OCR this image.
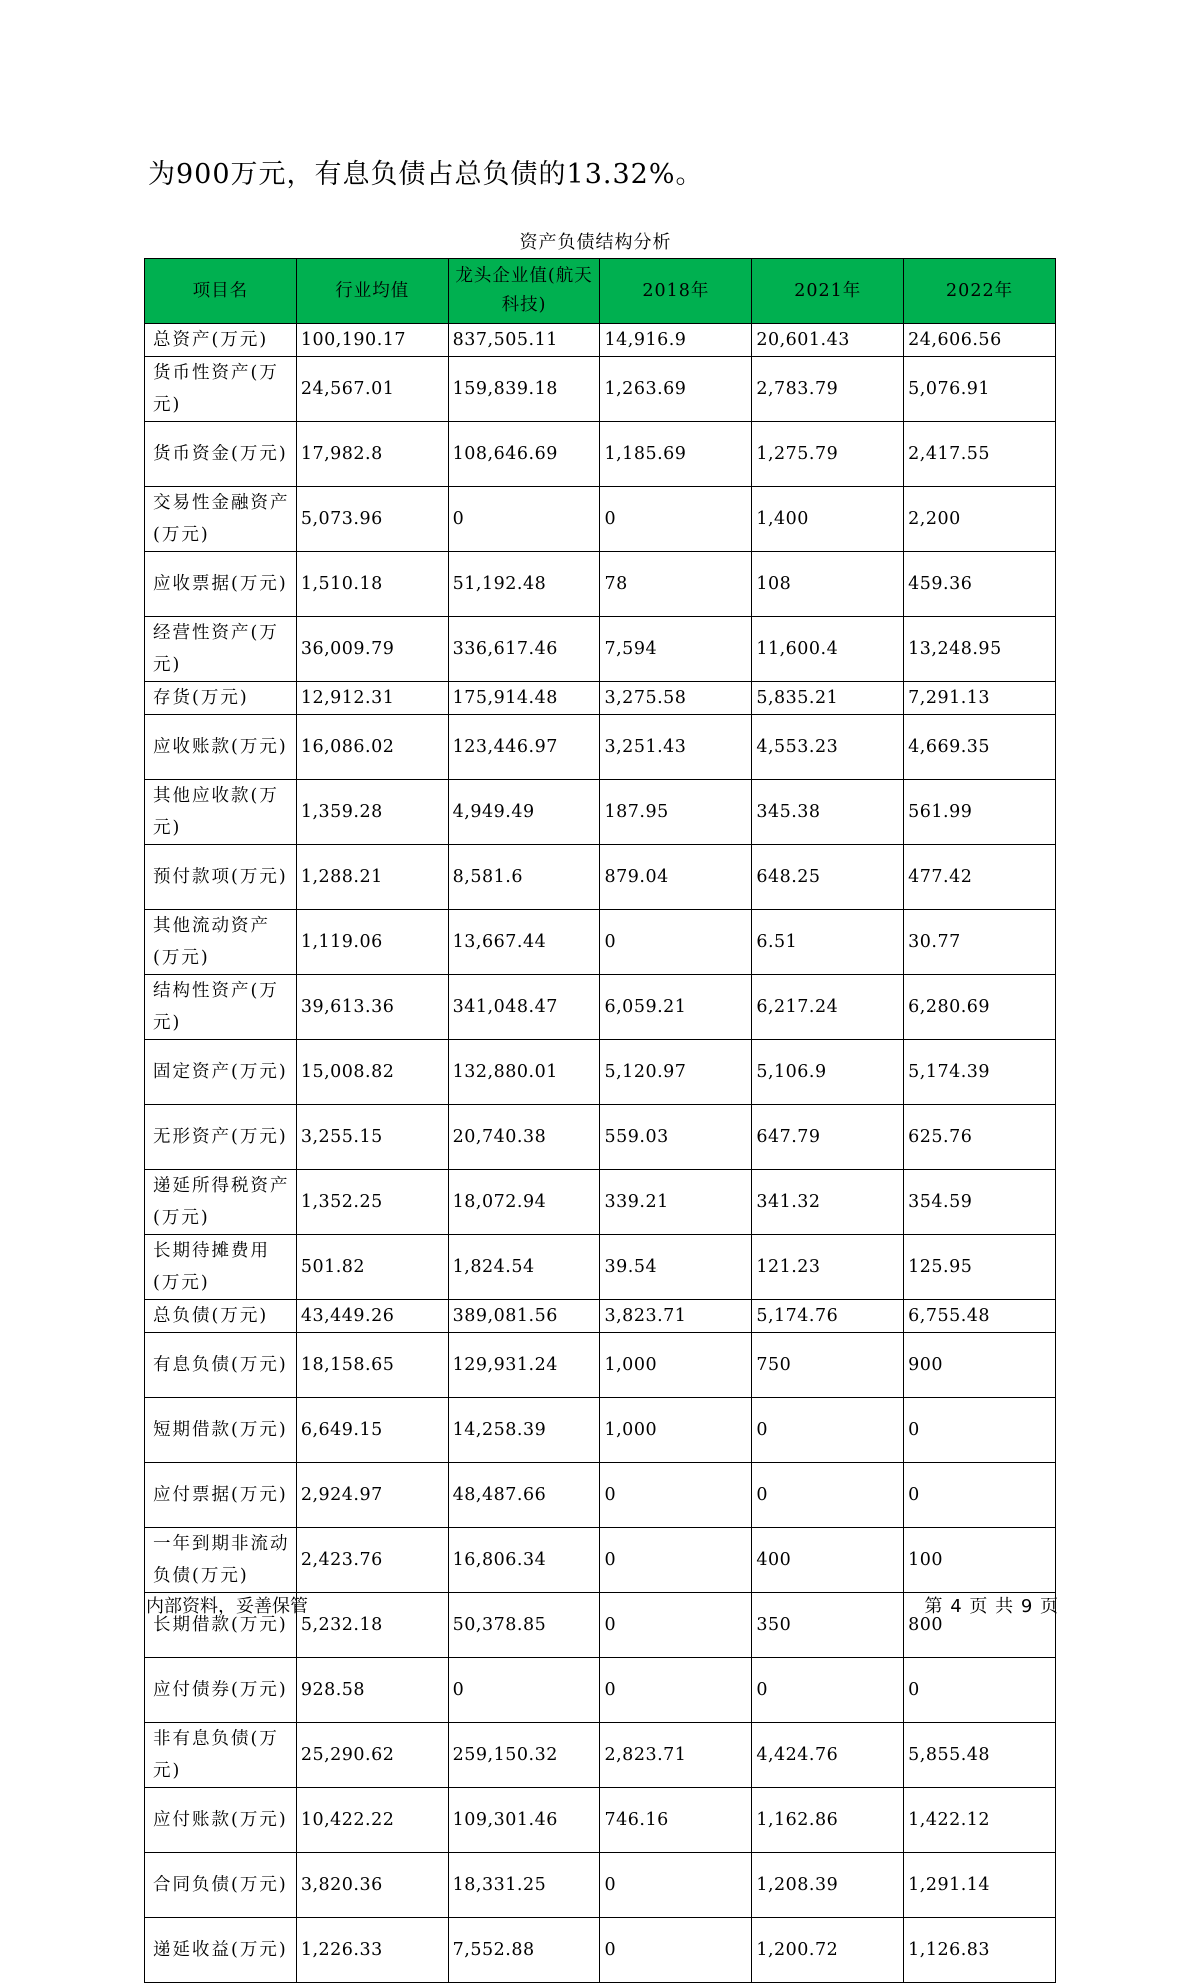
为900万元，有息负债占总负债的13.32%。
资产负债结构分析
项目名	行业均值	龙头企业值(航天科技)	2018年	2021年	2022年
总资产(万元)	100,190.17	837,505.11	14,916.9	20,601.43	24,606.56
货币性资产(万元)	24,567.01	159,839.18	1,263.69	2,783.79	5,076.91
货币资金(万元)	17,982.8	108,646.69	1,185.69	1,275.79	2,417.55
交易性金融资产(万元)	5,073.96	0	0	1,400	2,200
应收票据(万元)	1,510.18	51,192.48	78	108	459.36
经营性资产(万元)	36,009.79	336,617.46	7,594	11,600.4	13,248.95
存货(万元)	12,912.31	175,914.48	3,275.58	5,835.21	7,291.13
应收账款(万元)	16,086.02	123,446.97	3,251.43	4,553.23	4,669.35
其他应收款(万元)	1,359.28	4,949.49	187.95	345.38	561.99
预付款项(万元)	1,288.21	8,581.6	879.04	648.25	477.42
其他流动资产(万元)	1,119.06	13,667.44	0	6.51	30.77
结构性资产(万元)	39,613.36	341,048.47	6,059.21	6,217.24	6,280.69
固定资产(万元)	15,008.82	132,880.01	5,120.97	5,106.9	5,174.39
无形资产(万元)	3,255.15	20,740.38	559.03	647.79	625.76
递延所得税资产(万元)	1,352.25	18,072.94	339.21	341.32	354.59
长期待摊费用(万元)	501.82	1,824.54	39.54	121.23	125.95
总负债(万元)	43,449.26	389,081.56	3,823.71	5,174.76	6,755.48
有息负债(万元)	18,158.65	129,931.24	1,000	750	900
短期借款(万元)	6,649.15	14,258.39	1,000	0	0
应付票据(万元)	2,924.97	48,487.66	0	0	0
一年到期非流动负债(万元)	2,423.76	16,806.34	0	400	100
长期借款(万元)	5,232.18	50,378.85	0	350	800
应付债券(万元)	928.58	0	0	0	0
非有息负债(万元)	25,290.62	259,150.32	2,823.71	4,424.76	5,855.48
应付账款(万元)	10,422.22	109,301.46	746.16	1,162.86	1,422.12
合同负债(万元)	3,820.36	18,331.25	0	1,208.39	1,291.14
递延收益(万元)	1,226.33	7,552.88	0	1,200.72	1,126.83
内部资料，妥善保管	第 4 页 共 9 页
